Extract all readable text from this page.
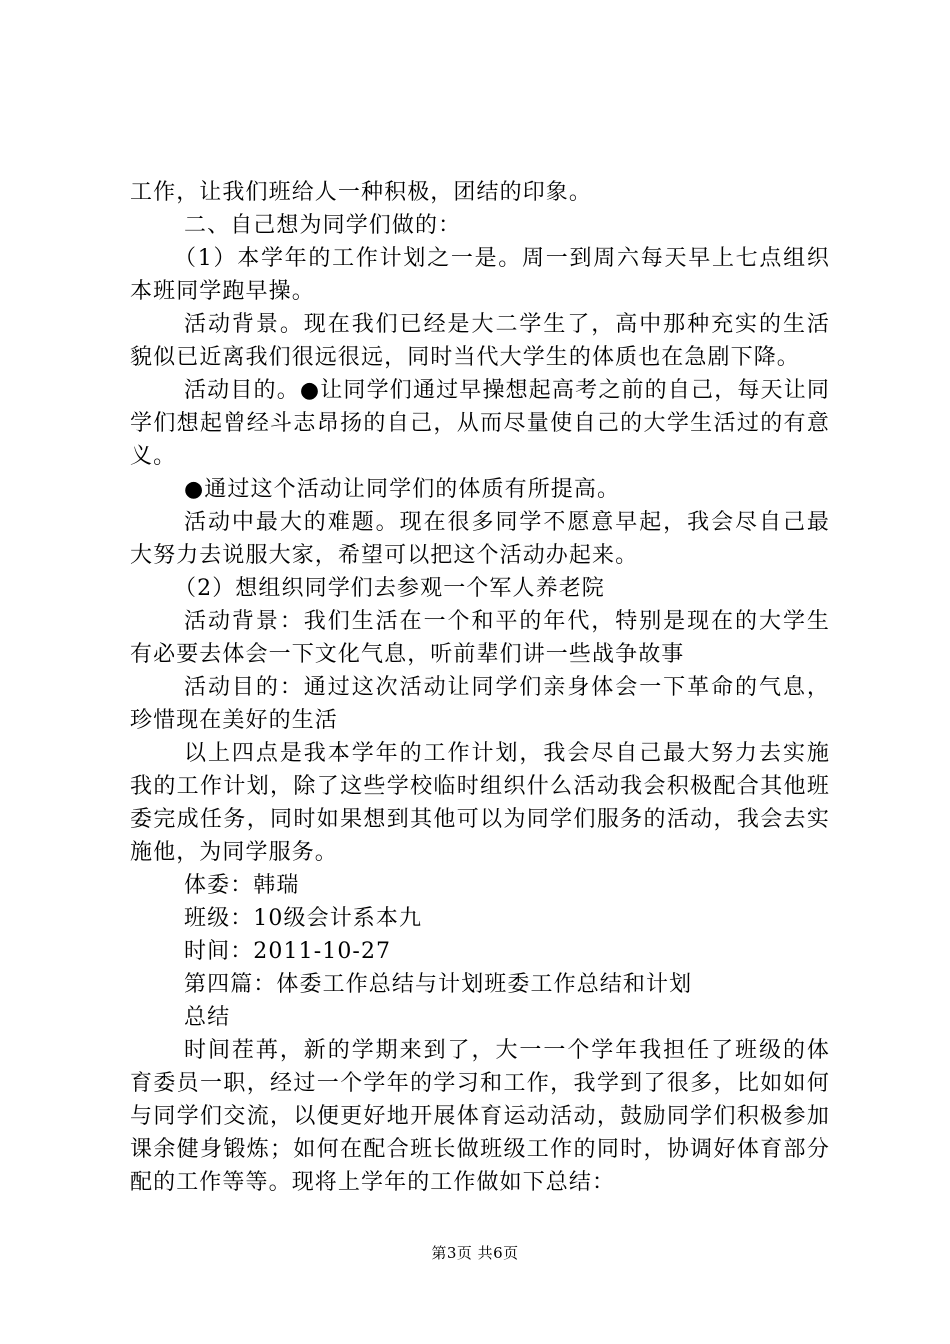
工作，让我们班给人一种积极，团结的印象。

二、自己想为同学们做的：

（1）本学年的工作计划之一是。周一到周六每天早上七点组织本班同学跑早操。

活动背景。现在我们已经是大二学生了，高中那种充实的生活貌似已近离我们很远很远，同时当代大学生的体质也在急剧下降。

活动目的。●让同学们通过早操想起高考之前的自己，每天让同学们想起曾经斗志昂扬的自己，从而尽量使自己的大学生活过的有意义。

●通过这个活动让同学们的体质有所提高。

活动中最大的难题。现在很多同学不愿意早起，我会尽自己最大努力去说服大家，希望可以把这个活动办起来。

（2）想组织同学们去参观一个军人养老院

活动背景：我们生活在一个和平的年代，特别是现在的大学生有必要去体会一下文化气息，听前辈们讲一些战争故事

活动目的：通过这次活动让同学们亲身体会一下革命的气息，珍惜现在美好的生活

以上四点是我本学年的工作计划，我会尽自己最大努力去实施我的工作计划，除了这些学校临时组织什么活动我会积极配合其他班委完成任务，同时如果想到其他可以为同学们服务的活动，我会去实施他，为同学服务。

体委：韩瑞

班级：10级会计系本九

时间：2011-10-27

第四篇：体委工作总结与计划班委工作总结和计划

总结

时间茬苒，新的学期来到了，大一一个学年我担任了班级的体育委员一职，经过一个学年的学习和工作，我学到了很多，比如如何与同学们交流，以便更好地开展体育运动活动，鼓励同学们积极参加课余健身锻炼；如何在配合班长做班级工作的同时，协调好体育部分配的工作等等。现将上学年的工作做如下总结：

第3页 共6页
